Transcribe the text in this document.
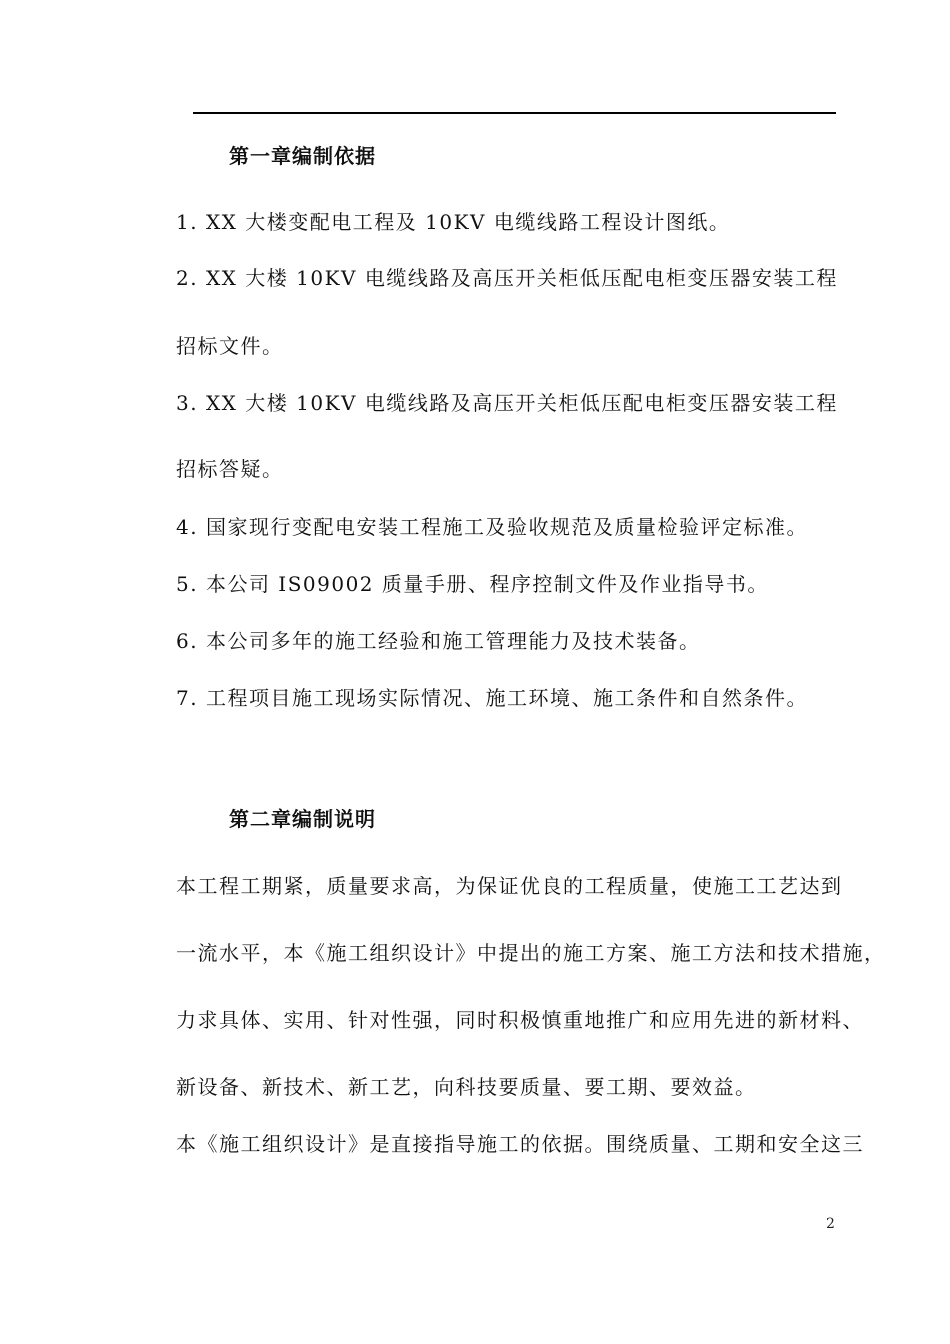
第一章编制依据
1. XX 大楼变配电工程及 10KV 电缆线路工程设计图纸。
2. XX 大楼 10KV 电缆线路及高压开关柜低压配电柜变压器安装工程
招标文件。
3. XX 大楼 10KV 电缆线路及高压开关柜低压配电柜变压器安装工程
招标答疑。
4. 国家现行变配电安装工程施工及验收规范及质量检验评定标准。
5. 本公司 IS09002 质量手册、程序控制文件及作业指导书。
6. 本公司多年的施工经验和施工管理能力及技术装备。
7. 工程项目施工现场实际情况、施工环境、施工条件和自然条件。
第二章编制说明
本工程工期紧，质量要求高，为保证优良的工程质量，使施工工艺达到
一流水平，本《施工组织设计》中提出的施工方案、施工方法和技术措施，
力求具体、实用、针对性强，同时积极慎重地推广和应用先进的新材料、
新设备、新技术、新工艺，向科技要质量、要工期、要效益。
本《施工组织设计》是直接指导施工的依据。围绕质量、工期和安全这三
2
